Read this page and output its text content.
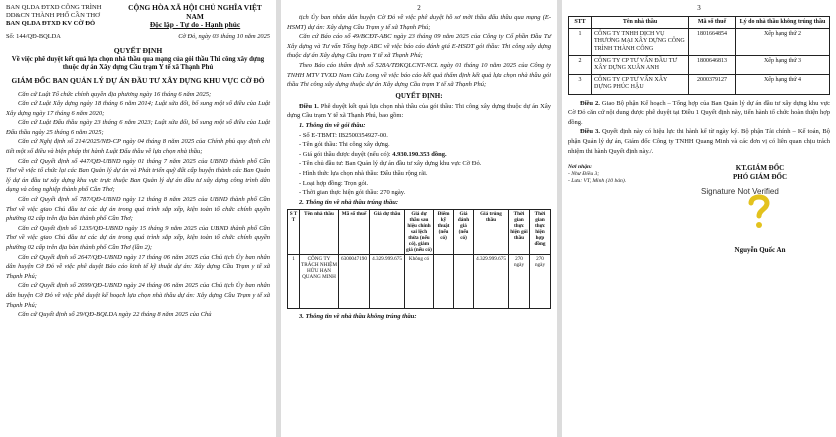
BAN QLDA ĐTXD CÔNG TRÌNH
DD&CN THÀNH PHỐ CẦN THƠ
BAN QLDA ĐTXD KV CỜ ĐỎ
CỘNG HÒA XÃ HỘI CHỦ NGHĨA VIỆT NAM
Độc lập - Tự do - Hạnh phúc
Số: 144/QĐ-BQLDA	Cờ Đỏ, ngày 03 tháng 10 năm 2025
QUYẾT ĐỊNH
Về việc phê duyệt kết quả lựa chọn nhà thầu qua mạng của gói thầu Thi công xây dựng thuộc dự án Xây dựng Cầu trạm Y tế xã Thạnh Phú
GIÁM ĐỐC BAN QUẢN LÝ DỰ ÁN ĐẦU TƯ XÂY DỰNG KHU VỰC CỜ ĐỎ

Căn cứ Luật Tổ chức chính quyền địa phương ngày 16 tháng 6 năm 2025;

Căn cứ Luật Xây dựng ngày 18 tháng 6 năm 2014; Luật sửa đổi, bổ sung một số điều của Luật Xây dựng ngày 17 tháng 6 năm 2020;

Căn cứ Luật Đấu thầu ngày 23 tháng 6 năm 2023; Luật sửa đổi, bổ sung một số điều của Luật Đấu thầu ngày 25 tháng 6 năm 2025;

Căn cứ Nghị định số 214/2025/NĐ-CP ngày 04 tháng 8 năm 2025 của Chính phủ quy định chi tiết một số điều và biện pháp thi hành Luật Đấu thầu về lựa chọn nhà thầu;

Căn cứ Quyết định số 447/QĐ-UBND ngày 01 tháng 7 năm 2025 của UBND thành phố Cần Thơ về việc tổ chức lại các Ban Quản lý dự án và Phát triển quỹ đất cấp huyện thành các Ban Quản lý dự án đầu tư xây dựng khu vực trực thuộc Ban Quản lý dự án đầu tư xây dựng công trình dân dụng và công nghiệp thành phố Cần Thơ;

Căn cứ Quyết định số 787/QĐ-UBND ngày 12 tháng 8 năm 2025 của UBND thành phố Cần Thơ về việc giao Chủ đầu tư các dự án trong quá trình sắp xếp, kiện toàn tổ chức chính quyền phường 02 cấp trên địa bàn thành phố Cần Thơ;

Căn cứ Quyết định số 1235/QĐ-UBND ngày 15 tháng 9 năm 2025 của UBND thành phố Cần Thơ về việc giao Chủ đầu tư các dự án trong quá trình sắp xếp, kiện toàn tổ chức chính quyền phường 02 cấp trên địa bàn thành phố Cần Thơ (lần 2);

Căn cứ Quyết định số 2647/QĐ-UBND ngày 17 tháng 06 năm 2025 của Chủ tịch Ủy ban nhân dân huyện Cờ Đỏ về việc phê duyệt Báo cáo kinh tế kỹ thuật dự án: Xây dựng Cầu Trạm y tế xã Thạnh Phú;

Căn cứ Quyết định số 2699/QĐ-UBND ngày 24 tháng 06 năm 2025 của Chủ tịch Ủy ban nhân dân huyện Cờ Đỏ về việc phê duyệt kế hoạch lựa chọn nhà thầu dự án: Xây dựng Cầu Trạm y tế xã Thạnh Phú;

Căn cứ Quyết định số 29/QĐ-BQLDA ngày 22 tháng 8 năm 2025 của Chủ

2

tịch Ủy ban nhân dân huyện Cờ Đỏ về việc phê duyệt hồ sơ mời thầu đấu thầu qua mạng (E-HSMT) dự án: Xây dựng Cầu Trạm y tế xã Thạnh Phú;

Căn cứ Báo cáo số 49/BCĐT-ABC ngày 23 tháng 09 năm 2025 của Công ty Cổ phần Đầu Tư Xây dựng và Tư vấn Tổng hợp ABC về việc báo cáo đánh giá E-HSDT gói thầu: Thi công xây dựng thuộc dự án Xây dựng Cầu trạm Y tế xã Thạnh Phú;

Theo Báo cáo thẩm định số 528A/TĐKQLCNT-NCL ngày 01 tháng 10 năm 2025 của Công ty TNHH MTV TVXD Nam Cửu Long về việc báo cáo kết quả thẩm định kết quả lựa chọn nhà thầu gói thầu Thi công xây dựng thuộc dự án Xây dựng Cầu trạm Y tế xã Thạnh Phú;

QUYẾT ĐỊNH:

Điều 1. Phê duyệt kết quả lựa chọn nhà thầu của gói thầu: Thi công xây dựng thuộc dự án Xây dựng Cầu trạm Y tế xã Thạnh Phú, bao gồm:

1. Thông tin về gói thầu:

- Số E-TBMT: IB2500354927-00.

- Tên gói thầu: Thi công xây dựng.

- Giá gói thầu được duyệt (nếu có): 4.930.190.353 đồng.

- Tên chủ đầu tư: Ban Quản lý dự án đầu tư xây dựng khu vực Cờ Đỏ.

- Hình thức lựa chọn nhà thầu: Đấu thầu rộng rãi.

- Loại hợp đồng: Trọn gói.

- Thời gian thực hiện gói thầu: 270 ngày.

2. Thông tin về nhà thầu trúng thầu:

S T T	Tên nhà thầu	Mã số thuế	Giá dự thầu	Giá dự thầu sau hiệu chỉnh sai lệch thừa (nếu có), giảm giá (nếu có)	Điểm kỹ thuật (nếu có)	Giá đánh giá (nếu có)	Giá trúng thầu	Thời gian thực hiện gói thầu	Thời gian thực hiện hợp đồng
1	CÔNG TY TRÁCH NHIỆM HỮU HẠN QUANG MINH	6300047190	4.329.999.675	Không có			4.329.999.675	270 ngày	270 ngày

3. Thông tin về nhà thầu không trúng thầu:

3
STT	Tên nhà thầu	Mã số thuế	Lý do nhà thầu không trúng thầu
1	CÔNG TY TNHH DỊCH VỤ THƯƠNG MẠI XÂY DỰNG CÔNG TRÌNH THÀNH CÔNG	1801664854	Xếp hạng thứ 2
2	CÔNG TY CP TƯ VẤN ĐẦU TƯ XÂY DỰNG XUÂN ANH	1800646813	Xếp hạng thứ 3
3	CÔNG TY CP TƯ VẤN XÂY DỰNG PHÚC HẬU	2000379127	Xếp hạng thứ 4

Điều 2. Giao Bộ phận Kế hoạch – Tổng hợp của Ban Quản lý dự án đầu tư xây dựng khu vực Cờ Đỏ căn cứ nội dung được phê duyệt tại Điều 1 Quyết định này, tiến hành tổ chức hoàn thiện hợp đồng.

Điều 3. Quyết định này có hiệu lực thi hành kể từ ngày ký. Bộ phận Tài chính – Kế toán, Bộ phận Quản lý dự án, Giám đốc Công ty TNHH Quang Minh và các đơn vị có liên quan chịu trách nhiệm thi hành Quyết định này./.

Nơi nhận:
- Như Điều 3;
- Lưu: VT, Minh (10 bản).
KT.GIÁM ĐỐC
PHÓ GIÁM ĐỐC
Signature Not Verified
Nguyễn Quốc An
